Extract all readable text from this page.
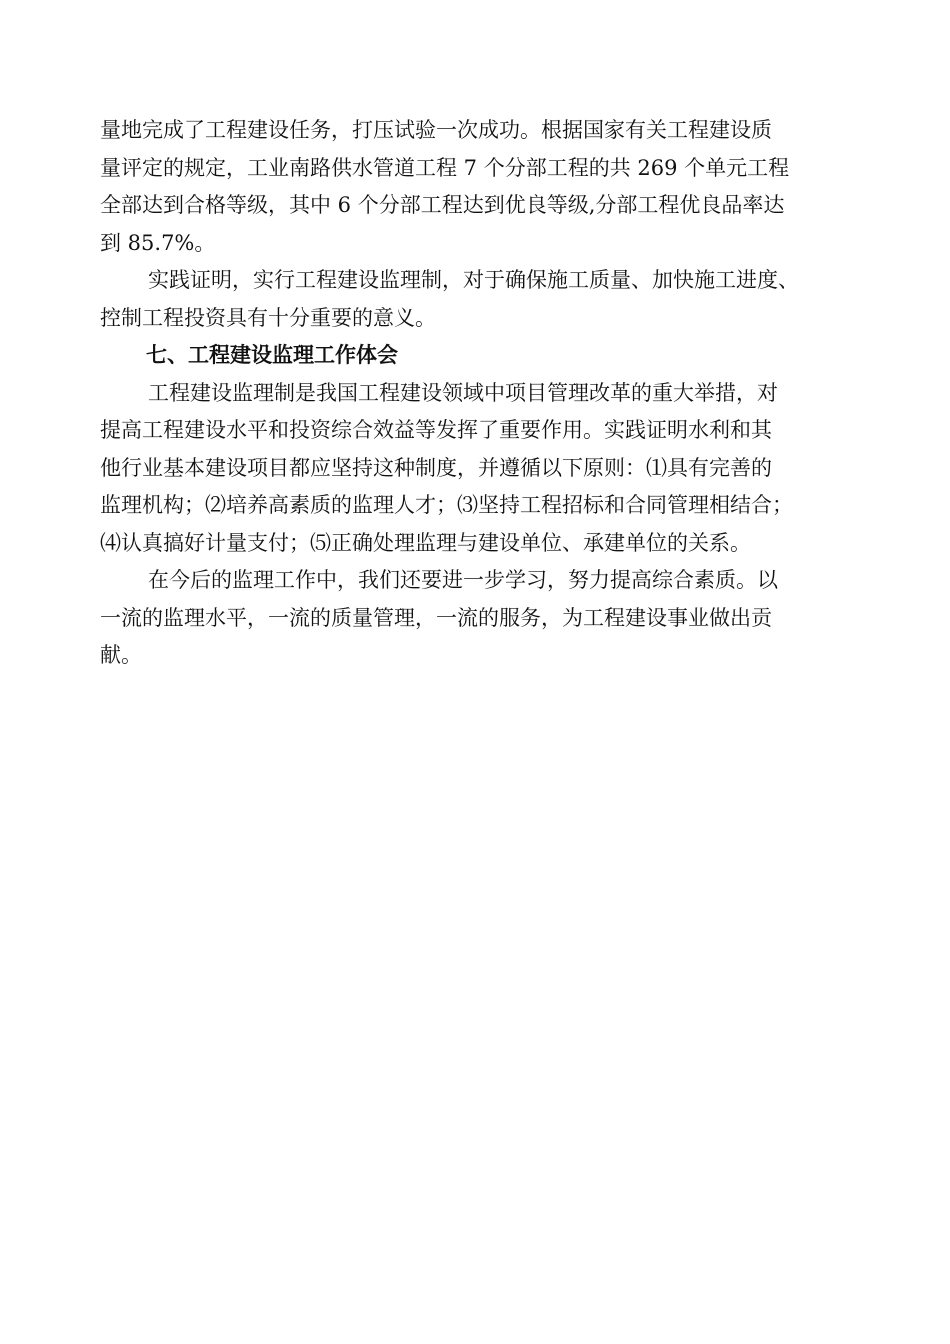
量地完成了工程建设任务，打压试验一次成功。根据国家有关工程建设质
量评定的规定，工业南路供水管道工程 7 个分部工程的共 269 个单元工程
全部达到合格等级，其中 6 个分部工程达到优良等级,分部工程优良品率达
到 85.7%。
实践证明，实行工程建设监理制，对于确保施工质量、加快施工进度、
控制工程投资具有十分重要的意义。
七、工程建设监理工作体会
工程建设监理制是我国工程建设领域中项目管理改革的重大举措，对
提高工程建设水平和投资综合效益等发挥了重要作用。实践证明水利和其
他行业基本建设项目都应坚持这种制度，并遵循以下原则：⑴具有完善的
监理机构；⑵培养高素质的监理人才；⑶坚持工程招标和合同管理相结合；
⑷认真搞好计量支付；⑸正确处理监理与建设单位、承建单位的关系。
在今后的监理工作中，我们还要进一步学习，努力提高综合素质。以
一流的监理水平，一流的质量管理，一流的服务，为工程建设事业做出贡
献。
